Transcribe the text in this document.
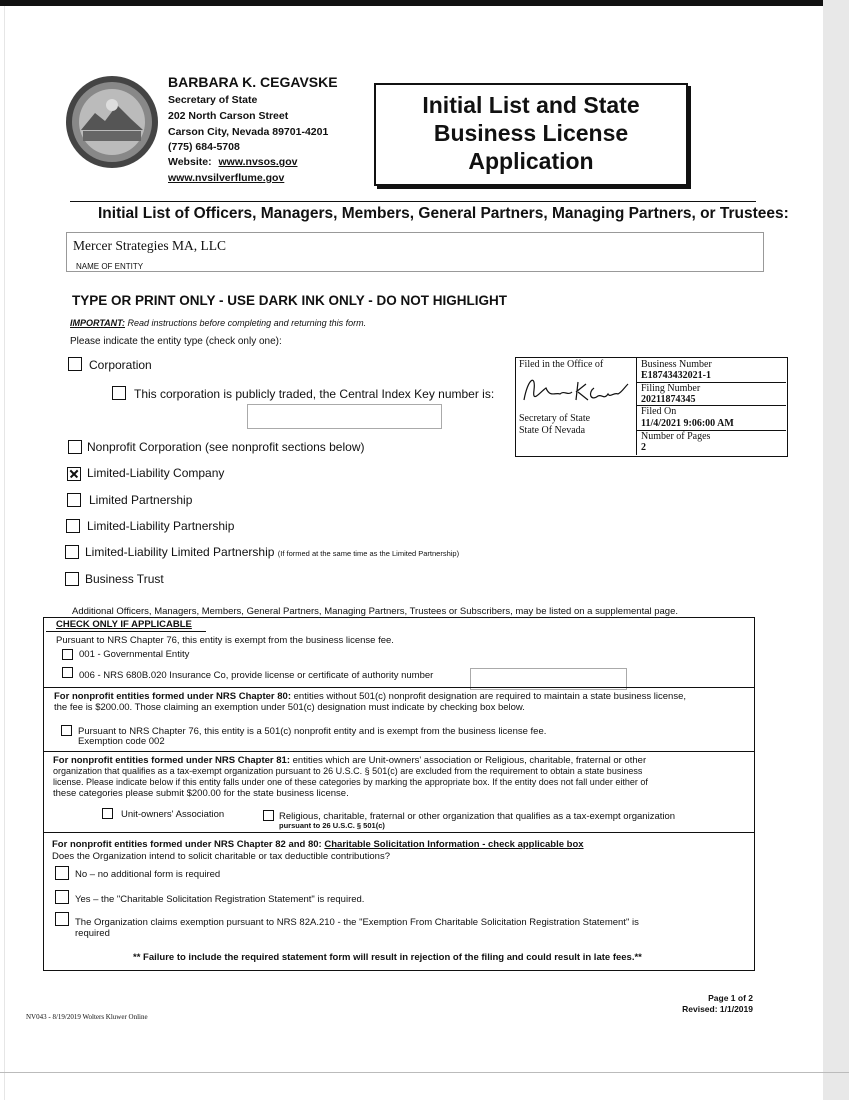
BARBARA K. CEGAVSKE
Secretary of State
202 North Carson Street
Carson City, Nevada 89701-4201
(775) 684-5708
Website: www.nvsos.gov
www.nvsilverflume.gov
Initial List and State
Business License
Application
Initial List of Officers, Managers, Members, General Partners, Managing Partners, or Trustees:
Mercer Strategies MA, LLC
NAME OF ENTITY
TYPE OR PRINT ONLY - USE DARK INK ONLY - DO NOT HIGHLIGHT
IMPORTANT: Read instructions before completing and returning this form.
Please indicate the entity type (check only one):
Corporation
This corporation is publicly traded, the Central Index Key number is:
Nonprofit Corporation (see nonprofit sections below)
Limited-Liability Company
Limited Partnership
Limited-Liability Partnership
Limited-Liability Limited Partnership (If formed at the same time as the Limited Partnership)
Business Trust
Filed in the Office of
Secretary of State
State Of Nevada
Business Number
E18743432021-1
Filing Number
20211874345
Filed On
11/4/2021 9:06:00 AM
Number of Pages
2
Additional Officers, Managers, Members, General Partners, Managing Partners, Trustees or Subscribers, may be listed on a supplemental page.
CHECK ONLY IF APPLICABLE
Pursuant to NRS Chapter 76, this entity is exempt from the business license fee.
001 - Governmental Entity
006 - NRS 680B.020 Insurance Co, provide license or certificate of authority number
For nonprofit entities formed under NRS Chapter 80: entities without 501(c) nonprofit designation are required to maintain a state business license,
the fee is $200.00. Those claiming an exemption under 501(c) designation must indicate by checking box below.
Pursuant to NRS Chapter 76, this entity is a 501(c) nonprofit entity and is exempt from the business license fee.
Exemption code 002
For nonprofit entities formed under NRS Chapter 81: entities which are Unit-owners' association or Religious, charitable, fraternal or other
organization that qualifies as a tax-exempt organization pursuant to 26 U.S.C. § 501(c) are excluded from the requirement to obtain a state business
license. Please indicate below if this entity falls under one of these categories by marking the appropriate box. If the entity does not fall under either of
these categories please submit $200.00 for the state business license.
Unit-owners' Association	Religious, charitable, fraternal or other organization that qualifies as a tax-exempt organization
pursuant to 26 U.S.C. § 501(c)
For nonprofit entities formed under NRS Chapter 82 and 80: Charitable Solicitation Information - check applicable box
Does the Organization intend to solicit charitable or tax deductible contributions?
No – no additional form is required
Yes – the "Charitable Solicitation Registration Statement" is required.
The Organization claims exemption pursuant to NRS 82A.210 - the "Exemption From Charitable Solicitation Registration Statement" is
required
** Failure to include the required statement form will result in rejection of the filing and could result in late fees.**
NV043 - 8/19/2019 Wolters Kluwer Online
Page 1 of 2
Revised: 1/1/2019
